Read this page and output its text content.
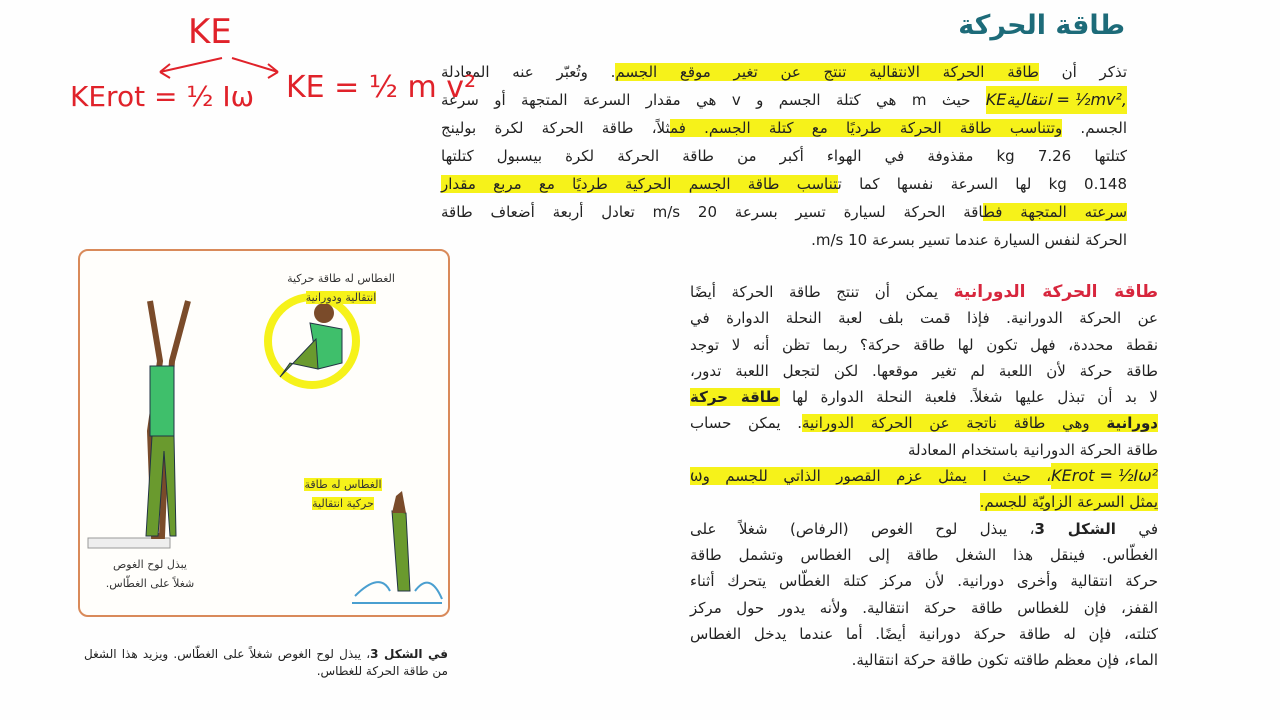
طاقة الحركة
تذكر أن طاقة الحركة الانتقالية تنتج عن تغير موقع الجسم. وتُعبّر عنه المعادلة
KEانتقالية = ½mv², حيث m هي كتلة الجسم و v هي مقدار السرعة المتجهة أو سرعة
الجسم. وتتناسب طاقة الحركة طرديًا مع كتلة الجسم. فمثلاً، طاقة الحركة لكرة بولينج
كتلتها 7.26 kg مقذوفة في الهواء أكبر من طاقة الحركة لكرة بيسبول كتلتها
0.148 kg لها السرعة نفسها كما تتناسب طاقة الجسم الحركية طرديًا مع مربع مقدار
سرعته المتجهة فطاقة الحركة لسيارة تسير بسرعة 20 m/s تعادل أربعة أضعاف طاقة
الحركة لنفس السيارة عندما تسير بسرعة 10 m/s.
طاقة الحركة الدورانية يمكن أن تنتج طاقة الحركة أيضًا
عن الحركة الدورانية. فإذا قمت بلف لعبة النحلة الدوارة في
نقطة محددة، فهل تكون لها طاقة حركة؟ ربما تظن أنه لا توجد
طاقة حركة لأن اللعبة لم تغير موقعها. لكن لتجعل اللعبة تدور،
لا بد أن تبذل عليها شغلاً. فلعبة النحلة الدوارة لها طاقة حركة
دورانية وهي طاقة ناتجة عن الحركة الدورانية. يمكن حساب
طاقة الحركة الدورانية باستخدام المعادلة
KErot = ½Iω²، حيث I يمثل عزم القصور الذاتي للجسم وω
يمثل السرعة الزاويّة للجسم.
في الشكل 3، يبذل لوح الغوص (الرفاص) شغلاً على
الغطّاس. فينقل هذا الشغل طاقة إلى الغطاس وتشمل طاقة
حركة انتقالية وأخرى دورانية. لأن مركز كتلة الغطّاس يتحرك أثناء
القفز، فإن للغطاس طاقة حركة انتقالية. ولأنه يدور حول مركز
كتلته، فإن له طاقة حركة دورانية أيضًا. أما عندما يدخل الغطاس
الماء، فإن معظم طاقته تكون طاقة حركة انتقالية.
الغطاس له طاقة حركية
انتقالية ودورانية
الغطاس له طاقة
حركية انتقالية
يبذل لوح الغوص
شغلاً على الغطّاس.
في الشكل 3، يبذل لوح الغوص شغلاً على الغطّاس. ويزيد هذا الشغل من طاقة الحركة للغطاس.
KE
KErot = ½ Iω KE = ½ m v²
